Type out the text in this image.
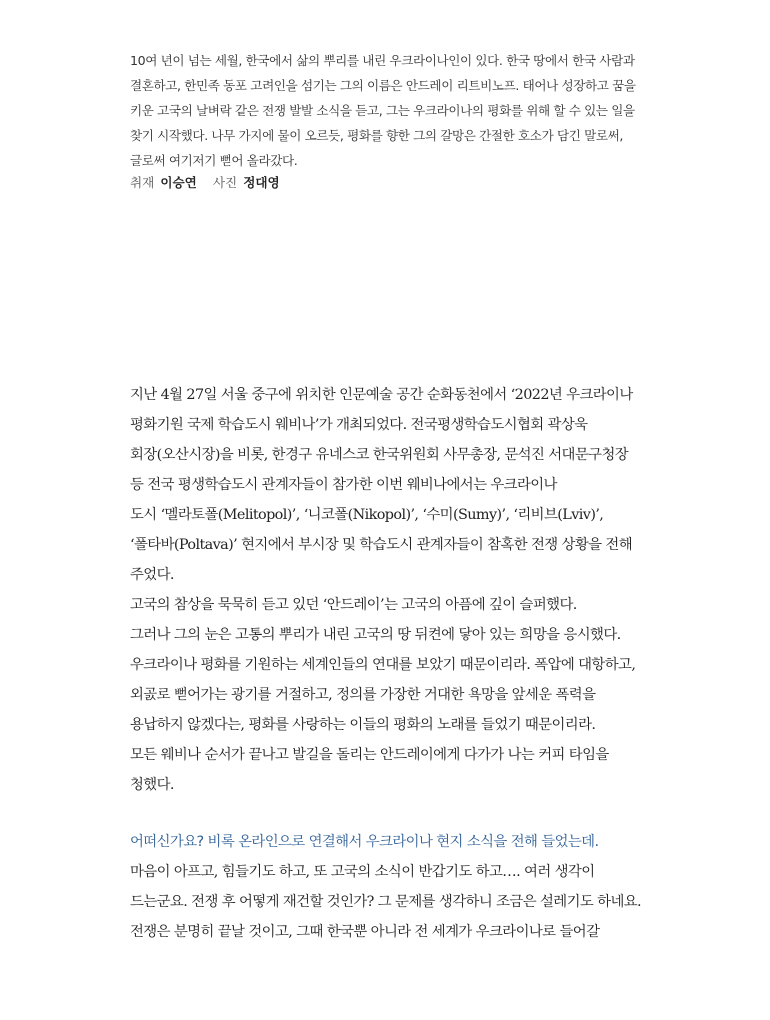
10여 년이 넘는 세월, 한국에서 삶의 뿌리를 내린 우크라이나인이 있다. 한국 땅에서 한국 사람과
결혼하고, 한민족 동포 고려인을 섬기는 그의 이름은 안드레이 리트비노프. 태어나 성장하고 꿈을
키운 고국의 날벼락 같은 전쟁 발발 소식을 듣고, 그는 우크라이나의 평화를 위해 할 수 있는 일을
찾기 시작했다. 나무 가지에 물이 오르듯, 평화를 향한 그의 갈망은 간절한 호소가 담긴 말로써,
글로써 여기저기 뻗어 올라갔다.
취재 이승연 사진 정대영
지난 4월 27일 서울 중구에 위치한 인문예술 공간 순화동천에서 ‘2022년 우크라이나
평화기원 국제 학습도시 웨비나’가 개최되었다. 전국평생학습도시협회 곽상욱
회장(오산시장)을 비롯, 한경구 유네스코 한국위원회 사무총장, 문석진 서대문구청장
등 전국 평생학습도시 관계자들이 참가한 이번 웨비나에서는 우크라이나
도시 ‘멜라토폴(Melitopol)’, ‘니코폴(Nikopol)’, ‘수미(Sumy)’, ‘리비브(Lviv)’,
‘폴타바(Poltava)’ 현지에서 부시장 및 학습도시 관계자들이 참혹한 전쟁 상황을 전해
주었다.
고국의 참상을 묵묵히 듣고 있던 ‘안드레이’는 고국의 아픔에 깊이 슬퍼했다.
그러나 그의 눈은 고통의 뿌리가 내린 고국의 땅 뒤켠에 닿아 있는 희망을 응시했다.
우크라이나 평화를 기원하는 세계인들의 연대를 보았기 때문이리라. 폭압에 대항하고,
외곬로 뻗어가는 광기를 거절하고, 정의를 가장한 거대한 욕망을 앞세운 폭력을
용납하지 않겠다는, 평화를 사랑하는 이들의 평화의 노래를 들었기 때문이리라.
모든 웨비나 순서가 끝나고 발길을 돌리는 안드레이에게 다가가 나는 커피 타임을
청했다.
어떠신가요? 비록 온라인으로 연결해서 우크라이나 현지 소식을 전해 들었는데.
마음이 아프고, 힘들기도 하고, 또 고국의 소식이 반갑기도 하고…. 여러 생각이
드는군요. 전쟁 후 어떻게 재건할 것인가? 그 문제를 생각하니 조금은 설레기도 하네요.
전쟁은 분명히 끝날 것이고, 그때 한국뿐 아니라 전 세계가 우크라이나로 들어갈
